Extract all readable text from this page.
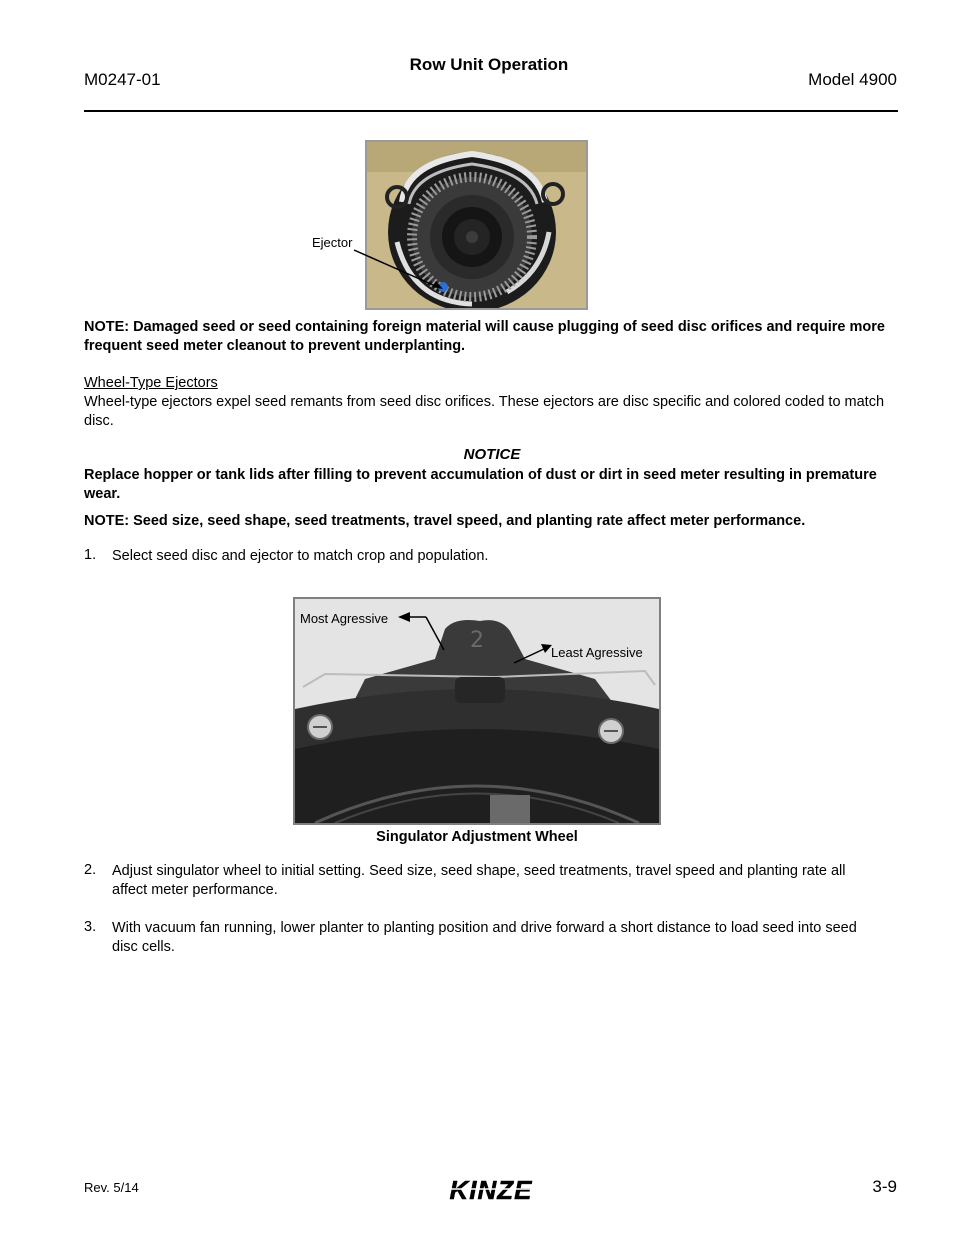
M0247-01
Row Unit Operation
Model 4900
Ejector
NOTE: Damaged seed or seed containing foreign material will cause plugging of seed disc orifices and require more frequent seed meter cleanout to prevent underplanting.
Wheel-Type Ejectors
Wheel-type ejectors expel seed remants from seed disc orifices. These ejectors are disc specific and colored coded to match disc.
NOTICE
Replace hopper or tank lids after filling to prevent accumulation of dust or dirt in seed meter resulting in premature wear.
NOTE: Seed size, seed shape, seed treatments, travel speed, and planting rate affect meter performance.
1. Select seed disc and ejector to match crop and population.
2
Most Agressive
Least Agressive
Singulator Adjustment Wheel
2. Adjust singulator wheel to initial setting. Seed size, seed shape, seed treatments, travel speed and planting rate all affect meter performance.
3. With vacuum fan running, lower planter to planting position and drive forward a short distance to load seed into seed disc cells.
Rev. 5/14	KINZE	3-9
